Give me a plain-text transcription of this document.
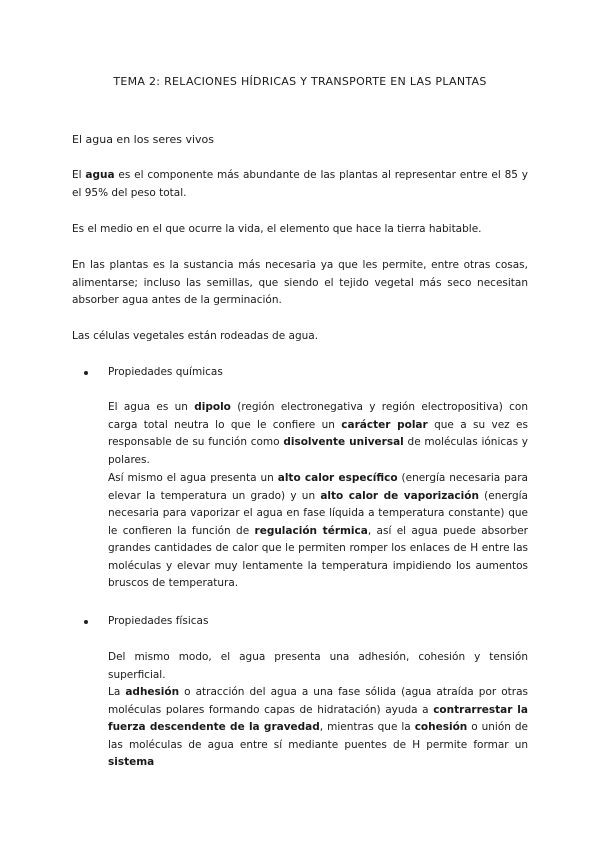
TEMA 2: RELACIONES HÍDRICAS Y TRANSPORTE EN LAS PLANTAS

El agua en los seres vivos

El agua es el componente más abundante de las plantas al representar entre el 85 y el 95% del peso total.

Es el medio en el que ocurre la vida, el elemento que hace la tierra habitable.

En las plantas es la sustancia más necesaria ya que les permite, entre otras cosas, alimentarse; incluso las semillas, que siendo el tejido vegetal más seco necesitan absorber agua antes de la germinación.

Las células vegetales están rodeadas de agua.

Propiedades químicas

El agua es un dipolo (región electronegativa y región electropositiva) con carga total neutra lo que le confiere un carácter polar que a su vez es responsable de su función como disolvente universal de moléculas iónicas y polares.

Así mismo el agua presenta un alto calor específico (energía necesaria para elevar la temperatura un grado) y un alto calor de vaporización (energía necesaria para vaporizar el agua en fase líquida a temperatura constante) que le confieren la función de regulación térmica, así el agua puede absorber grandes cantidades de calor que le permiten romper los enlaces de H entre las moléculas y elevar muy lentamente la temperatura impidiendo los aumentos bruscos de temperatura.

Propiedades físicas

Del mismo modo, el agua presenta una adhesión, cohesión y tensión superficial.

La adhesión o atracción del agua a una fase sólida (agua atraída por otras moléculas polares formando capas de hidratación) ayuda a contrarrestar la fuerza descendente de la gravedad, mientras que la cohesión o unión de las moléculas de agua entre sí mediante puentes de H permite formar un sistema
